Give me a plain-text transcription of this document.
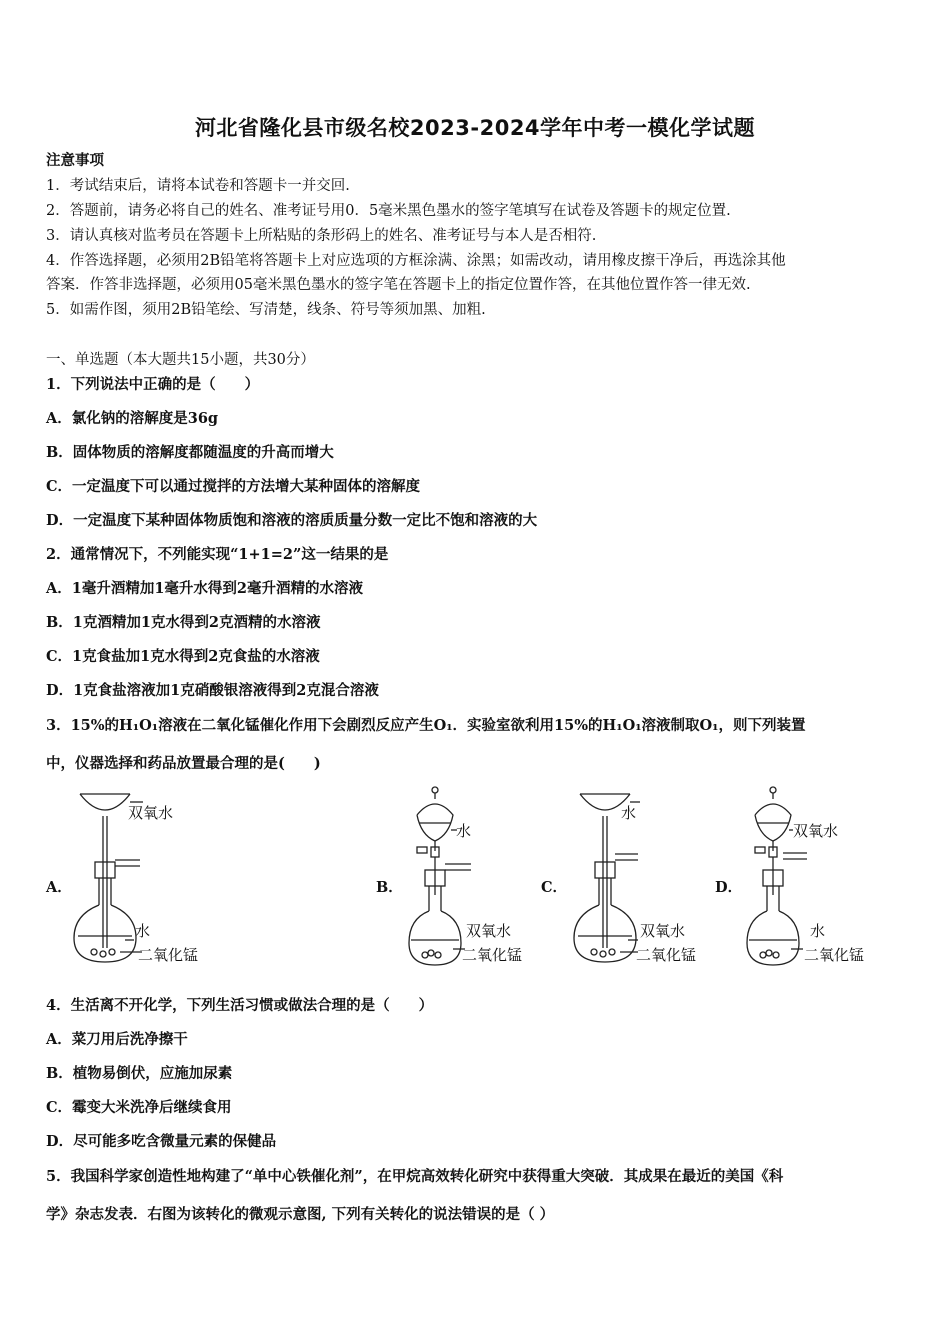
河北省隆化县市级名校2023-2024学年中考一模化学试题
注意事项
1．考试结束后，请将本试卷和答题卡一并交回.
2．答题前，请务必将自己的姓名、准考证号用0．5毫米黑色墨水的签字笔填写在试卷及答题卡的规定位置.
3．请认真核对监考员在答题卡上所粘贴的条形码上的姓名、准考证号与本人是否相符.
4．作答选择题，必须用2B铅笔将答题卡上对应选项的方框涂满、涂黑；如需改动，请用橡皮擦干净后，再选涂其他
答案．作答非选择题，必须用05毫米黑色墨水的签字笔在答题卡上的指定位置作答，在其他位置作答一律无效.
5．如需作图，须用2B铅笔绘、写清楚，线条、符号等须加黑、加粗.
一、单选题（本大题共15小题，共30分）
1．下列说法中正确的是（　　）
A．氯化钠的溶解度是36g
B．固体物质的溶解度都随温度的升高而增大
C．一定温度下可以通过搅拌的方法增大某种固体的溶解度
D．一定温度下某种固体物质饱和溶液的溶质质量分数一定比不饱和溶液的大
2．通常情况下，不列能实现“1+1=2”这一结果的是
A．1毫升酒精加1毫升水得到2毫升酒精的水溶液
B．1克酒精加1克水得到2克酒精的水溶液
C．1克食盐加1克水得到2克食盐的水溶液
D．1克食盐溶液加1克硝酸银溶液得到2克混合溶液
3．15%的H₁O₁溶液在二氧化锰催化作用下会剧烈反应产生O₁．实验室欲利用15%的H₁O₁溶液制取O₁，则下列装置
中，仪器选择和药品放置最合理的是(　　)
A．
双氧水
水
二氧化锰
B．
水
双氧水
二氧化锰
C．
水
双氧水
二氧化锰
D．
双氧水
水
二氧化锰
4．生活离不开化学，下列生活习惯或做法合理的是（　　）
A．菜刀用后洗净擦干
B．植物易倒伏，应施加尿素
C．霉变大米洗净后继续食用
D．尽可能多吃含微量元素的保健品
5．我国科学家创造性地构建了“单中心铁催化剂”，在甲烷高效转化研究中获得重大突破．其成果在最近的美国《科
学》杂志发表．右图为该转化的微观示意图, 下列有关转化的说法错误的是（ ）
